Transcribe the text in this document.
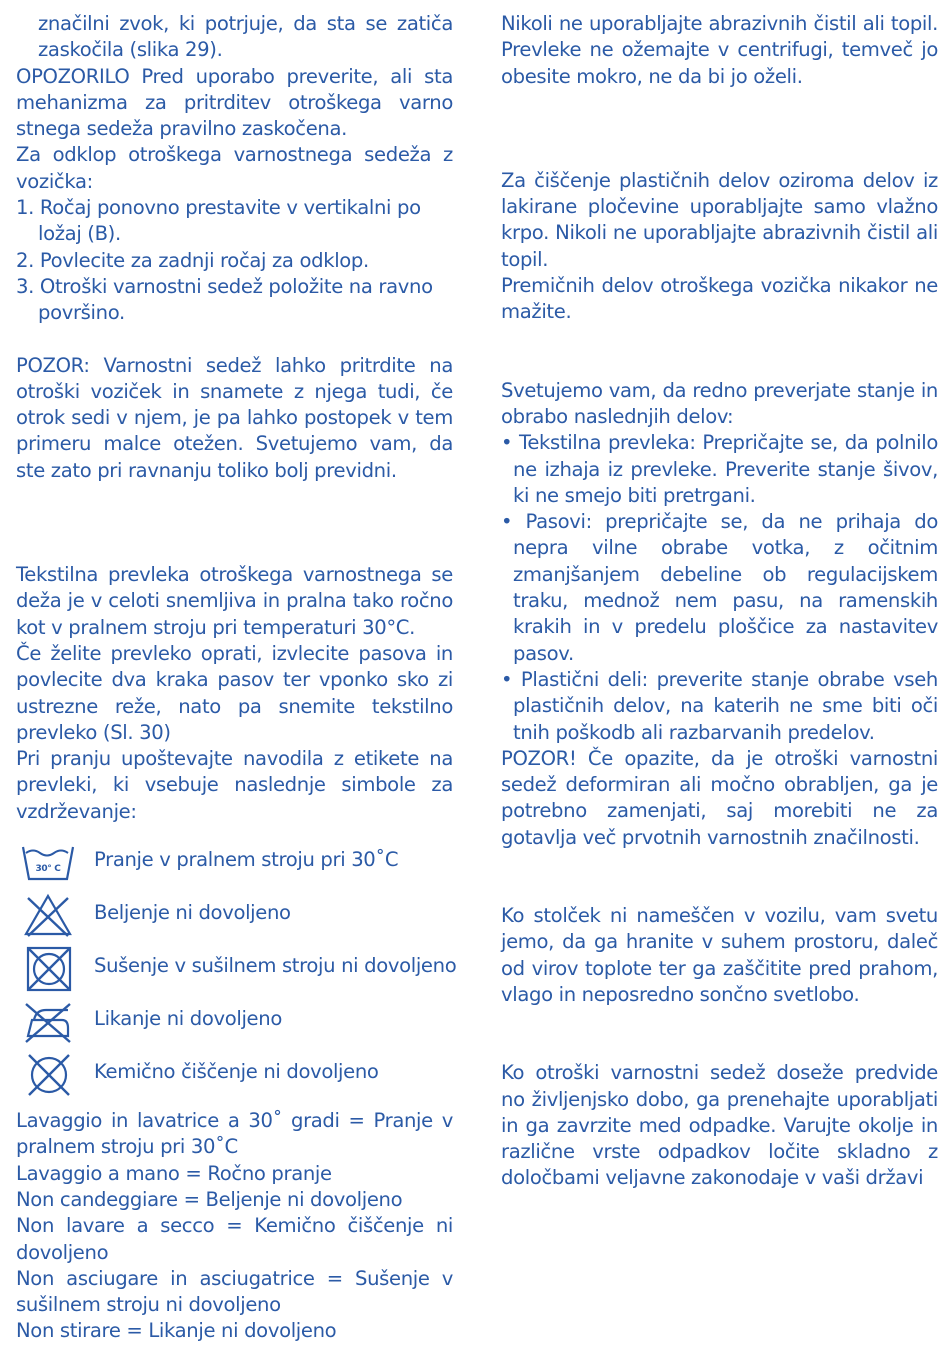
značilni zvok, ki potrjuje, da sta se zatiča zaskočila (slika 29).

OPOZORILO Pred uporabo preverite, ali sta mehanizma za pritrditev otroškega varno stnega sedeža pravilno zaskočena.

Za odklop otroškega varnostnega sedeža z vozička:

1. Ročaj ponovno prestavite v vertikalni po ložaj (B).

2. Povlecite za zadnji ročaj za odklop.

3. Otroški varnostni sedež položite na ravno površino.

POZOR: Varnostni sedež lahko pritrdite na otroški voziček in snamete z njega tudi, če otrok sedi v njem, je pa lahko postopek v tem primeru malce otežen. Svetujemo vam, da ste zato pri ravnanju toliko bolj previdni.

Tekstilna prevleka otroškega varnostnega se deža je v celoti snemljiva in pralna tako ročno kot v pralnem stroju pri temperaturi 30°C.

Če želite prevleko oprati, izvlecite pasova in povlecite dva kraka pasov ter vponko sko zi ustrezne reže, nato pa snemite tekstilno prevleko (Sl. 30)

Pri pranju upoštevajte navodila z etikete na prevleki, ki vsebuje naslednje simbole za vzdrževanje:

30° C Pranje v pralnem stroju pri 30˚C
Beljenje ni dovoljeno
Sušenje v sušilnem stroju ni dovoljeno
Likanje ni dovoljeno
Kemično čiščenje ni dovoljeno

Lavaggio in lavatrice a 30˚ gradi = Pranje v pralnem stroju pri 30˚C

Lavaggio a mano = Ročno pranje

Non candeggiare = Beljenje ni dovoljeno

Non lavare a secco = Kemično čiščenje ni dovoljeno

Non asciugare in asciugatrice = Sušenje v sušilnem stroju ni dovoljeno

Non stirare = Likanje ni dovoljeno

Nikoli ne uporabljajte abrazivnih čistil ali topil. Prevleke ne ožemajte v centrifugi, temveč jo obesite mokro, ne da bi jo oželi.

Za čiščenje plastičnih delov oziroma delov iz lakirane pločevine uporabljajte samo vlažno krpo. Nikoli ne uporabljajte abrazivnih čistil ali topil.

Premičnih delov otroškega vozička nikakor ne mažite.

Svetujemo vam, da redno preverjate stanje in obrabo naslednjih delov:

• Tekstilna prevleka: Prepričajte se, da polnilo ne izhaja iz prevleke. Preverite stanje šivov, ki ne smejo biti pretrgani.

• Pasovi: prepričajte se, da ne prihaja do nepra vilne obrabe votka, z očitnim zmanjšanjem debeline ob regulacijskem traku, mednož nem pasu, na ramenskih krakih in v predelu ploščice za nastavitev pasov.

• Plastični deli: preverite stanje obrabe vseh plastičnih delov, na katerih ne sme biti oči tnih poškodb ali razbarvanih predelov.

POZOR! Če opazite, da je otroški varnostni sedež deformiran ali močno obrabljen, ga je potrebno zamenjati, saj morebiti ne za gotavlja več prvotnih varnostnih značilnosti.

Ko stolček ni nameščen v vozilu, vam svetu jemo, da ga hranite v suhem prostoru, daleč od virov toplote ter ga zaščitite pred prahom, vlago in neposredno sončno svetlobo.

Ko otroški varnostni sedež doseže predvide no življenjsko dobo, ga prenehajte uporabljati in ga zavrzite med odpadke. Varujte okolje in različne vrste odpadkov ločite skladno z določbami veljavne zakonodaje v vaši državi
